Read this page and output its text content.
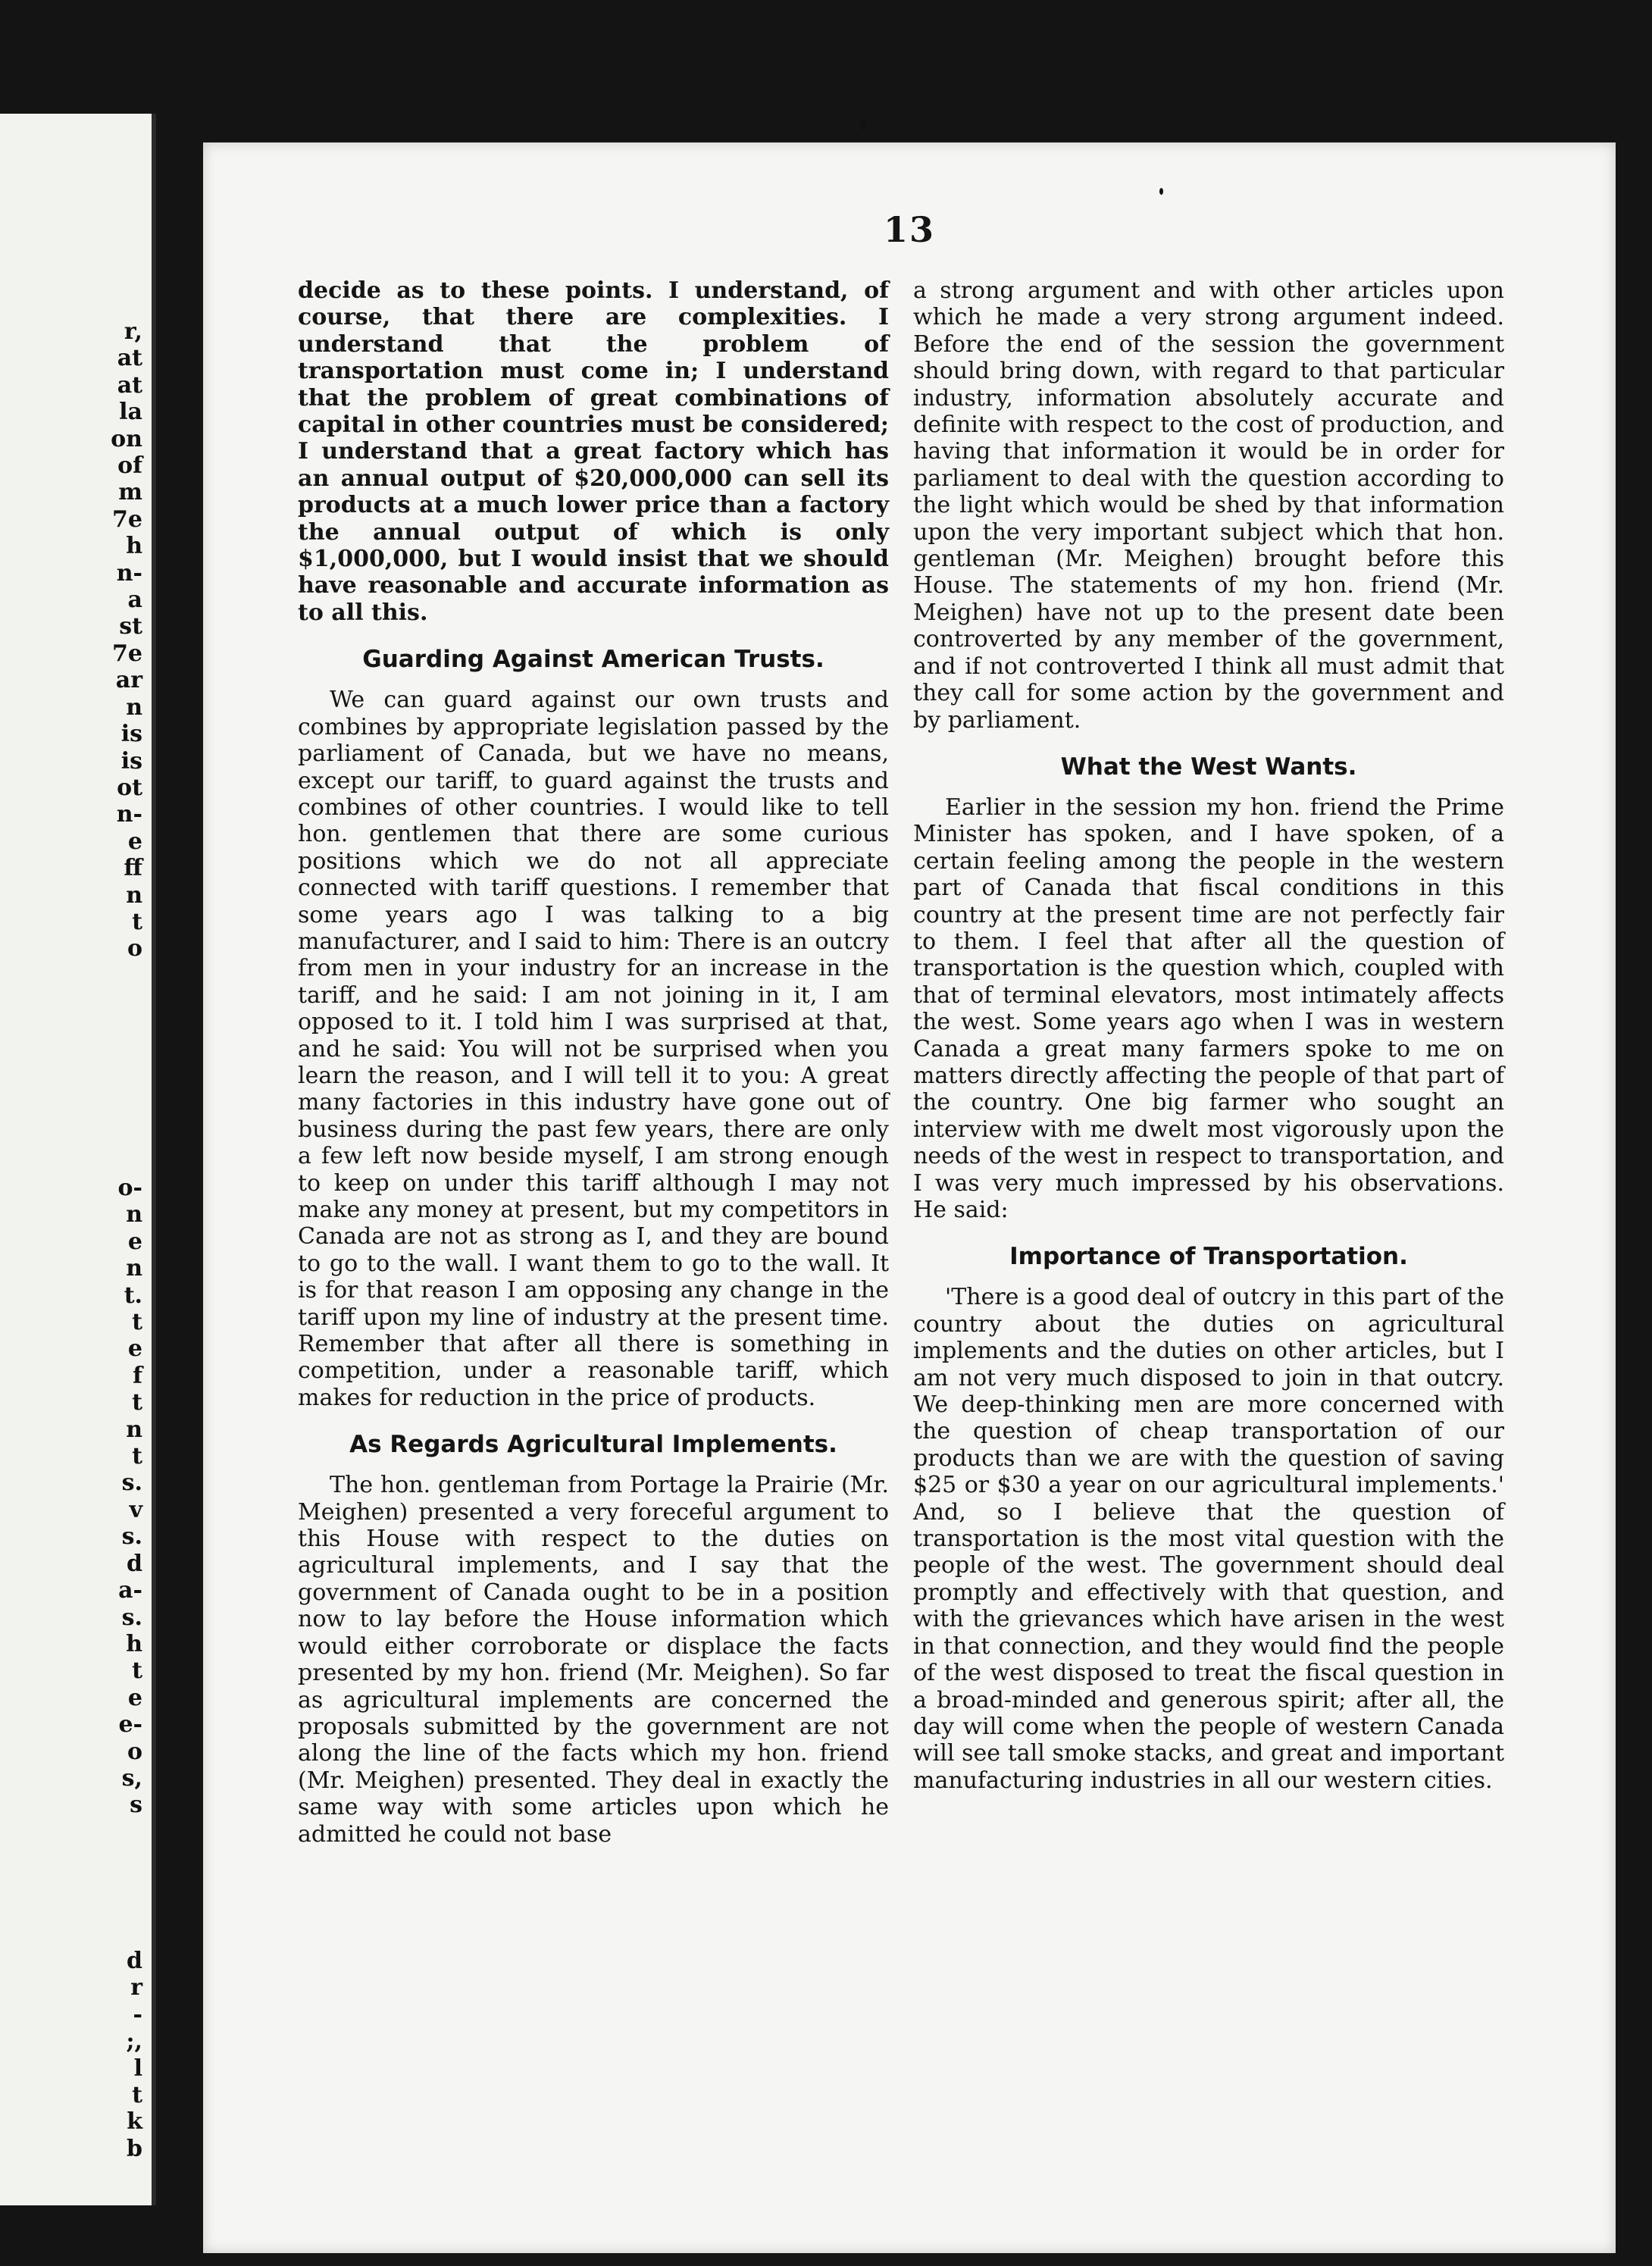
r,
at
at
la
on
of
m
7e
h
n-
a
st
7e
ar
n
is
is
ot
n-
e
ff
n
t
o
o-
n
e
n
t.
t
e
f
t
n
t
s.
v
s.
d
a-
s.
h
t
e
e-
o
s,
s
d
r
-
;,
l
t
k
b
13

decide as to these points. I understand, of course, that there are complexities. I understand that the problem of transportation must come in; I understand that the problem of great combinations of capital in other countries must be considered; I understand that a great factory which has an annual output of $20,000,000 can sell its products at a much lower price than a factory the annual output of which is only $1,000,000, but I would insist that we should have reasonable and accurate information as to all this.

Guarding Against American Trusts.

We can guard against our own trusts and combines by appropriate legislation passed by the parliament of Canada, but we have no means, except our tariff, to guard against the trusts and combines of other countries. I would like to tell hon. gentlemen that there are some curious positions which we do not all appreciate connected with tariff questions. I remember that some years ago I was talking to a big manufacturer, and I said to him: There is an outcry from men in your industry for an increase in the tariff, and he said: I am not joining in it, I am opposed to it. I told him I was surprised at that, and he said: You will not be surprised when you learn the reason, and I will tell it to you: A great many factories in this industry have gone out of business during the past few years, there are only a few left now beside myself, I am strong enough to keep on under this tariff although I may not make any money at present, but my competitors in Canada are not as strong as I, and they are bound to go to the wall. I want them to go to the wall. It is for that reason I am opposing any change in the tariff upon my line of industry at the present time. Remember that after all there is something in competition, under a reasonable tariff, which makes for reduction in the price of products.

As Regards Agricultural Implements.

The hon. gentleman from Portage la Prairie (Mr. Meighen) presented a very foreceful argument to this House with respect to the duties on agricultural implements, and I say that the government of Canada ought to be in a position now to lay before the House information which would either corroborate or displace the facts presented by my hon. friend (Mr. Meighen). So far as agricultural implements are concerned the proposals submitted by the government are not along the line of the facts which my hon. friend (Mr. Meighen) presented. They deal in exactly the same way with some articles upon which he admitted he could not base

a strong argument and with other articles upon which he made a very strong argument indeed. Before the end of the session the government should bring down, with regard to that particular industry, information absolutely accurate and definite with respect to the cost of production, and having that information it would be in order for parliament to deal with the question according to the light which would be shed by that information upon the very important subject which that hon. gentleman (Mr. Meighen) brought before this House. The statements of my hon. friend (Mr. Meighen) have not up to the present date been controverted by any member of the government, and if not controverted I think all must admit that they call for some action by the government and by parliament.

What the West Wants.

Earlier in the session my hon. friend the Prime Minister has spoken, and I have spoken, of a certain feeling among the people in the western part of Canada that fiscal conditions in this country at the present time are not perfectly fair to them. I feel that after all the question of transportation is the question which, coupled with that of terminal elevators, most intimately affects the west. Some years ago when I was in western Canada a great many farmers spoke to me on matters directly affecting the people of that part of the country. One big farmer who sought an interview with me dwelt most vigorously upon the needs of the west in respect to transportation, and I was very much impressed by his observations. He said:

Importance of Transportation.

'There is a good deal of outcry in this part of the country about the duties on agricultural implements and the duties on other articles, but I am not very much disposed to join in that outcry. We deep-thinking men are more concerned with the question of cheap transportation of our products than we are with the question of saving $25 or $30 a year on our agricultural implements.' And, so I believe that the question of transportation is the most vital question with the people of the west. The government should deal promptly and effectively with that question, and with the grievances which have arisen in the west in that connection, and they would find the people of the west disposed to treat the fiscal question in a broad-minded and generous spirit; after all, the day will come when the people of western Canada will see tall smoke stacks, and great and important manufacturing industries in all our western cities.
